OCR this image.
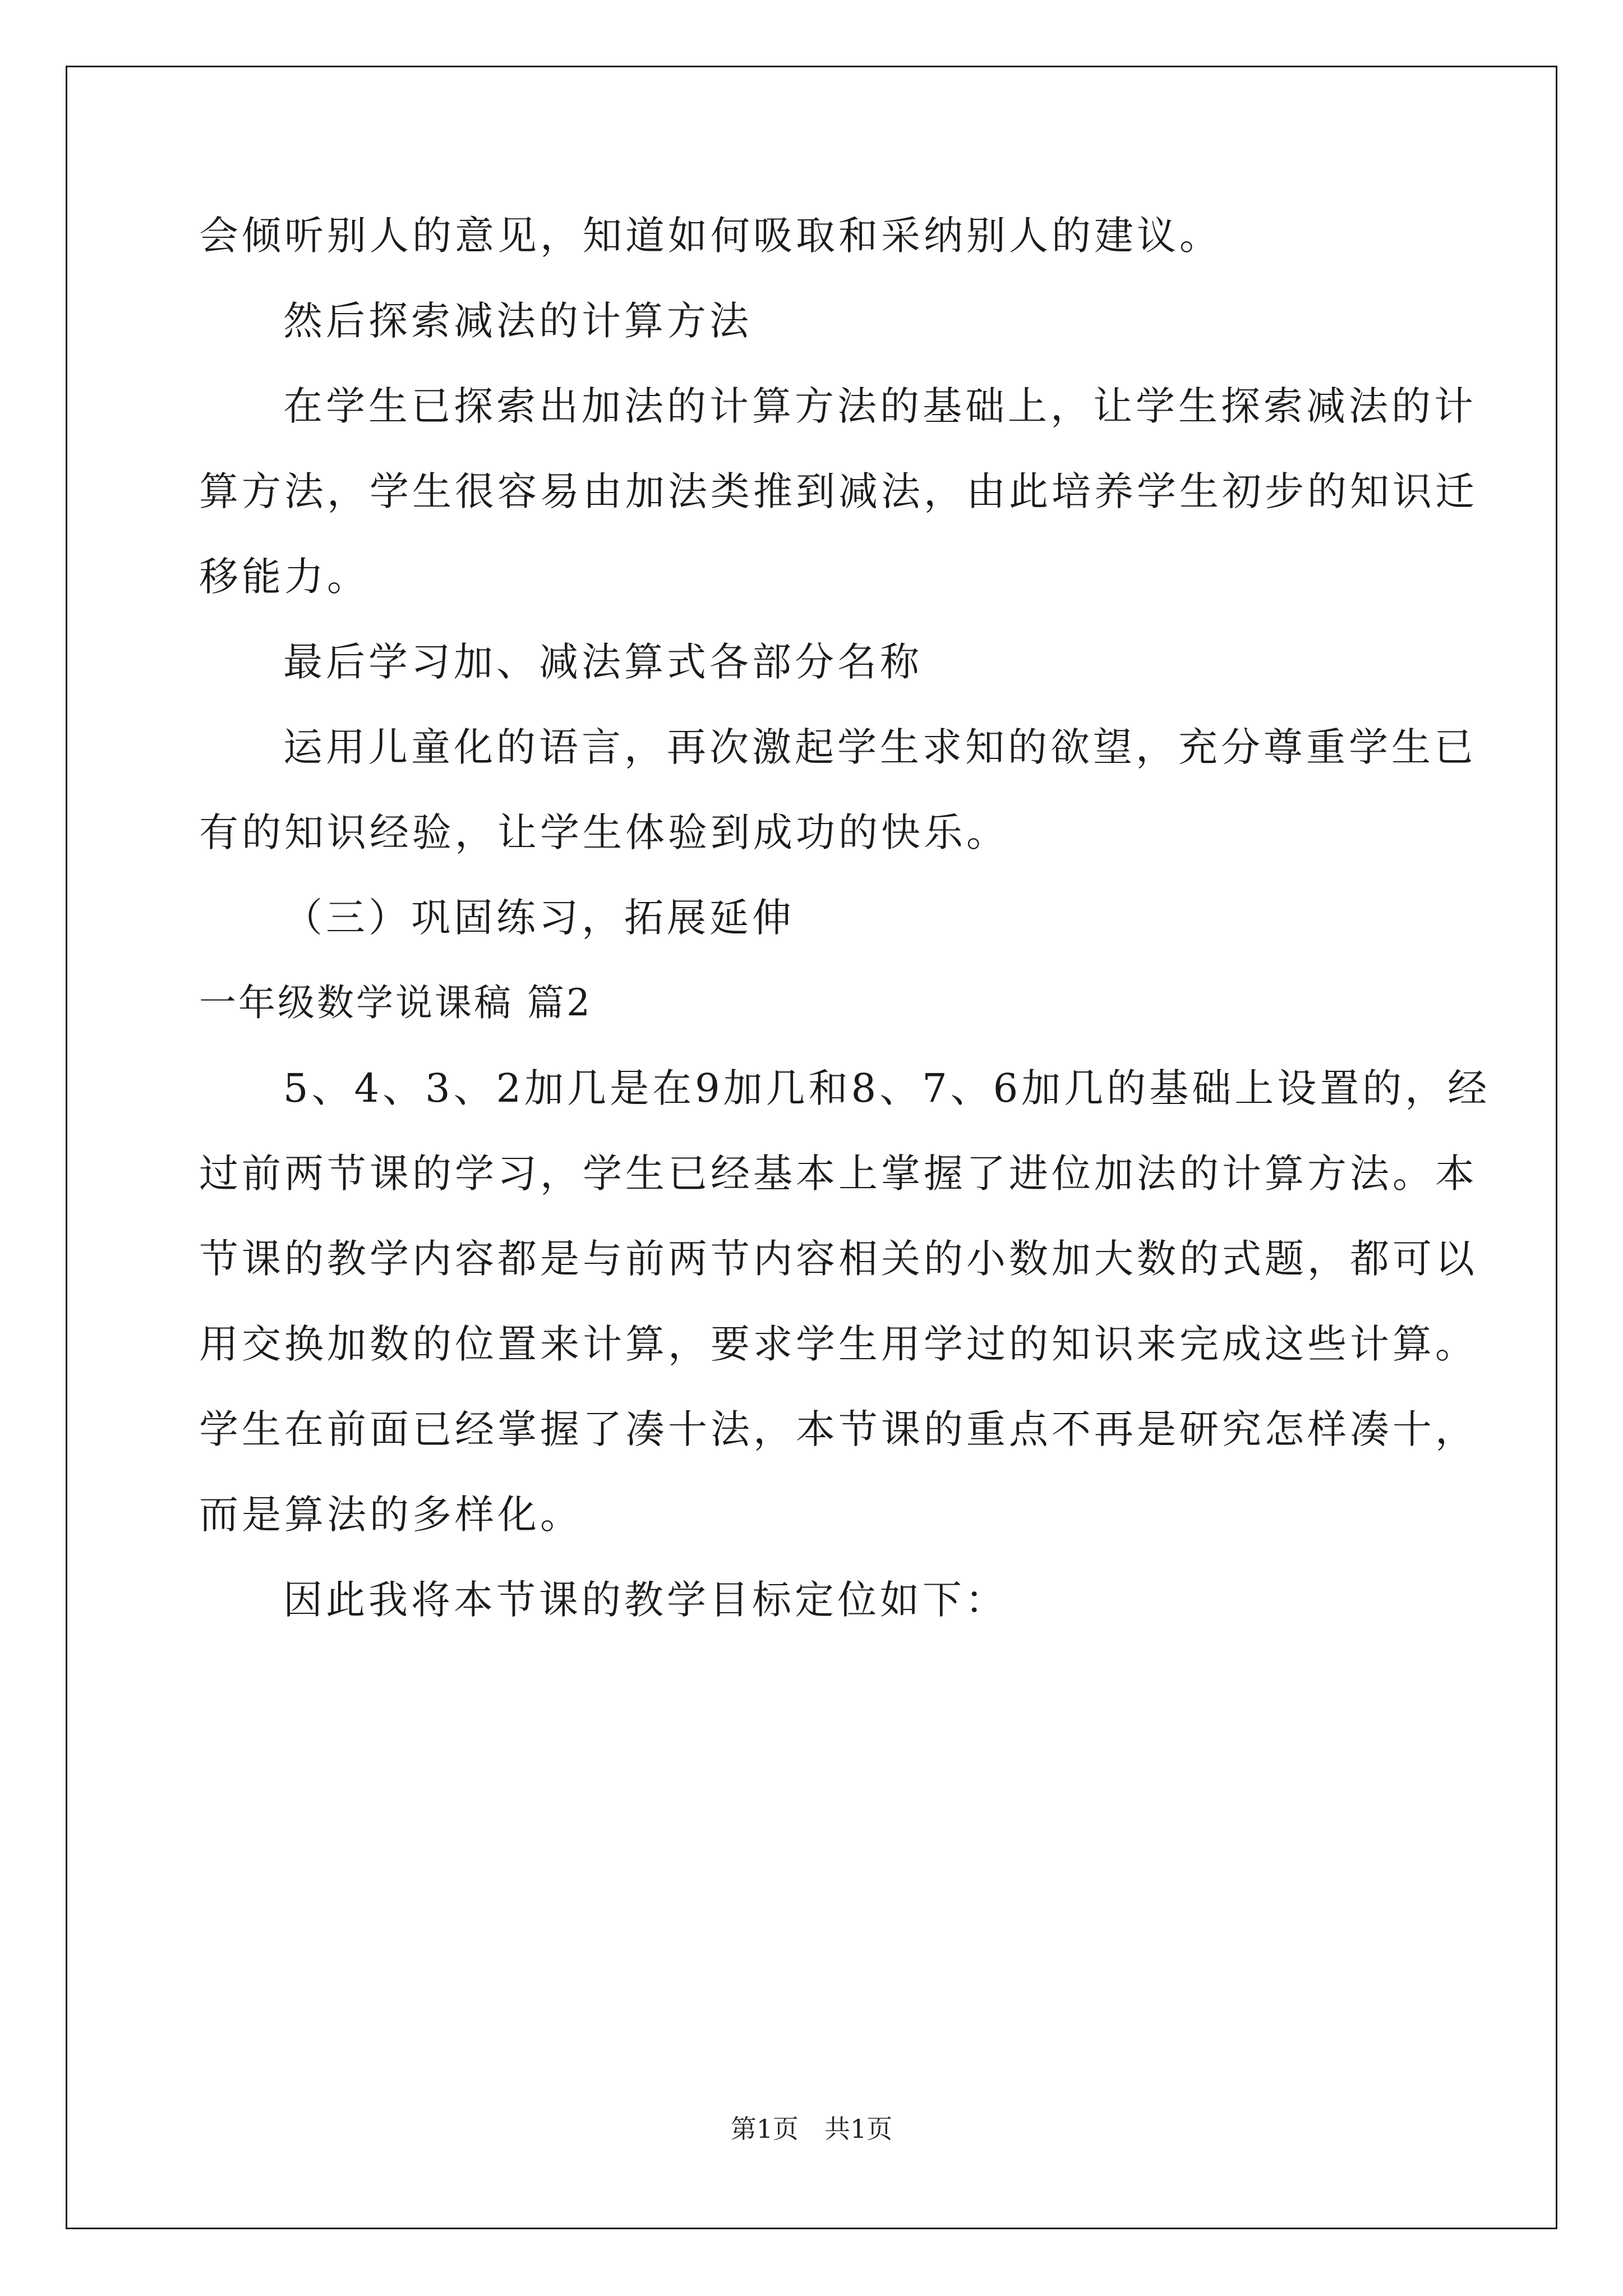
会倾听别人的意见，知道如何吸取和采纳别人的建议。
然后探索减法的计算方法
在学生已探索出加法的计算方法的基础上，让学生探索减法的计
算方法，学生很容易由加法类推到减法，由此培养学生初步的知识迁
移能力。
最后学习加、减法算式各部分名称
运用儿童化的语言，再次激起学生求知的欲望，充分尊重学生已
有的知识经验，让学生体验到成功的快乐。
（三）巩固练习，拓展延伸
一年级数学说课稿 篇2
5、4、3、2加几是在9加几和8、7、6加几的基础上设置的，经
过前两节课的学习，学生已经基本上掌握了进位加法的计算方法。本
节课的教学内容都是与前两节内容相关的小数加大数的式题，都可以
用交换加数的位置来计算，要求学生用学过的知识来完成这些计算。
学生在前面已经掌握了凑十法，本节课的重点不再是研究怎样凑十，
而是算法的多样化。
因此我将本节课的教学目标定位如下：
第1页　共1页
